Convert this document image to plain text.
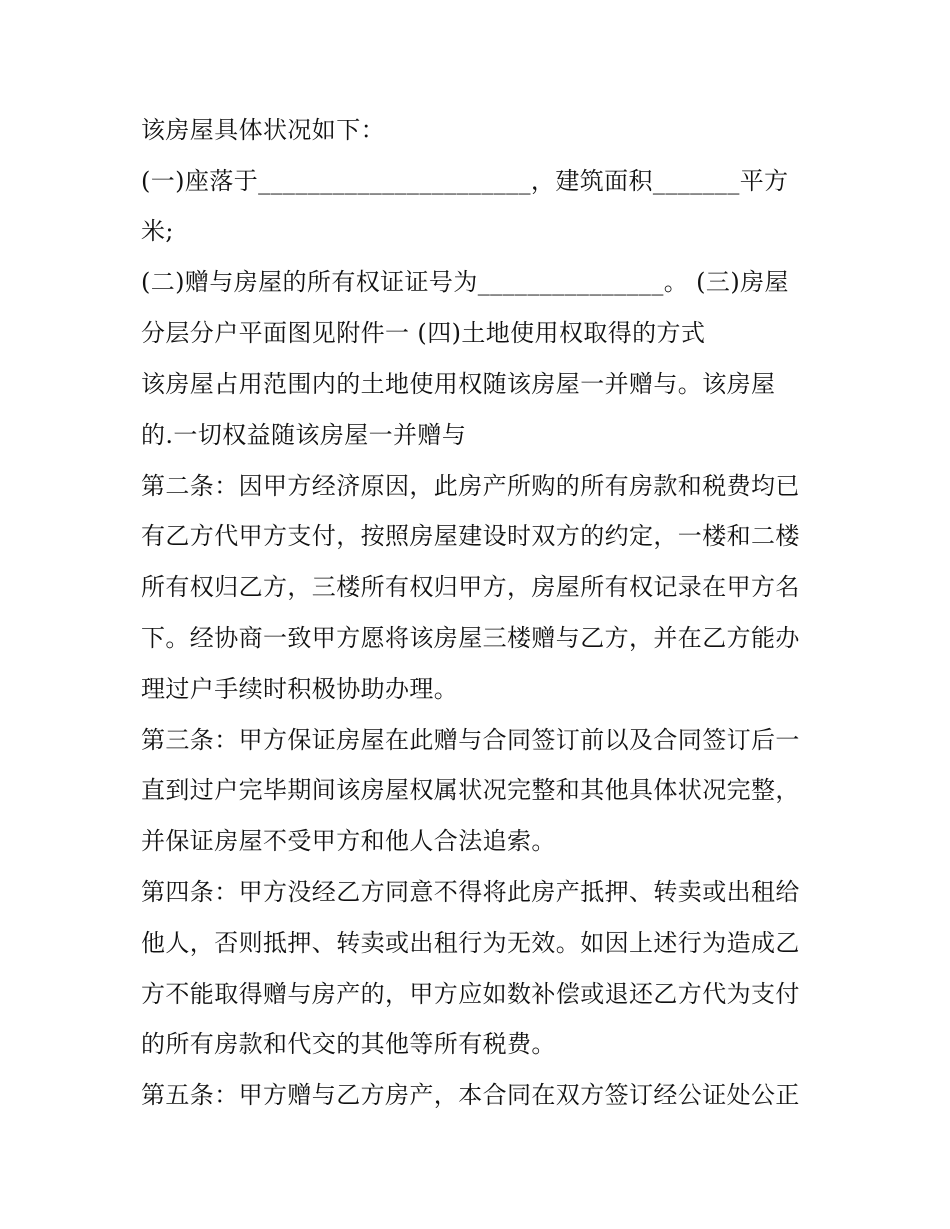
该房屋具体状况如下：
(一)座落于______________________，建筑面积_______平方
米;
(二)赠与房屋的所有权证证号为_______________。 (三)房屋
分层分户平面图见附件一 (四)土地使用权取得的方式
该房屋占用范围内的土地使用权随该房屋一并赠与。该房屋
的.一切权益随该房屋一并赠与
第二条：因甲方经济原因，此房产所购的所有房款和税费均已
有乙方代甲方支付，按照房屋建设时双方的约定，一楼和二楼
所有权归乙方，三楼所有权归甲方，房屋所有权记录在甲方名
下。经协商一致甲方愿将该房屋三楼赠与乙方，并在乙方能办
理过户手续时积极协助办理。
第三条：甲方保证房屋在此赠与合同签订前以及合同签订后一
直到过户完毕期间该房屋权属状况完整和其他具体状况完整，
并保证房屋不受甲方和他人合法追索。
第四条：甲方没经乙方同意不得将此房产抵押、转卖或出租给
他人，否则抵押、转卖或出租行为无效。如因上述行为造成乙
方不能取得赠与房产的，甲方应如数补偿或退还乙方代为支付
的所有房款和代交的其他等所有税费。
第五条：甲方赠与乙方房产，本合同在双方签订经公证处公正
